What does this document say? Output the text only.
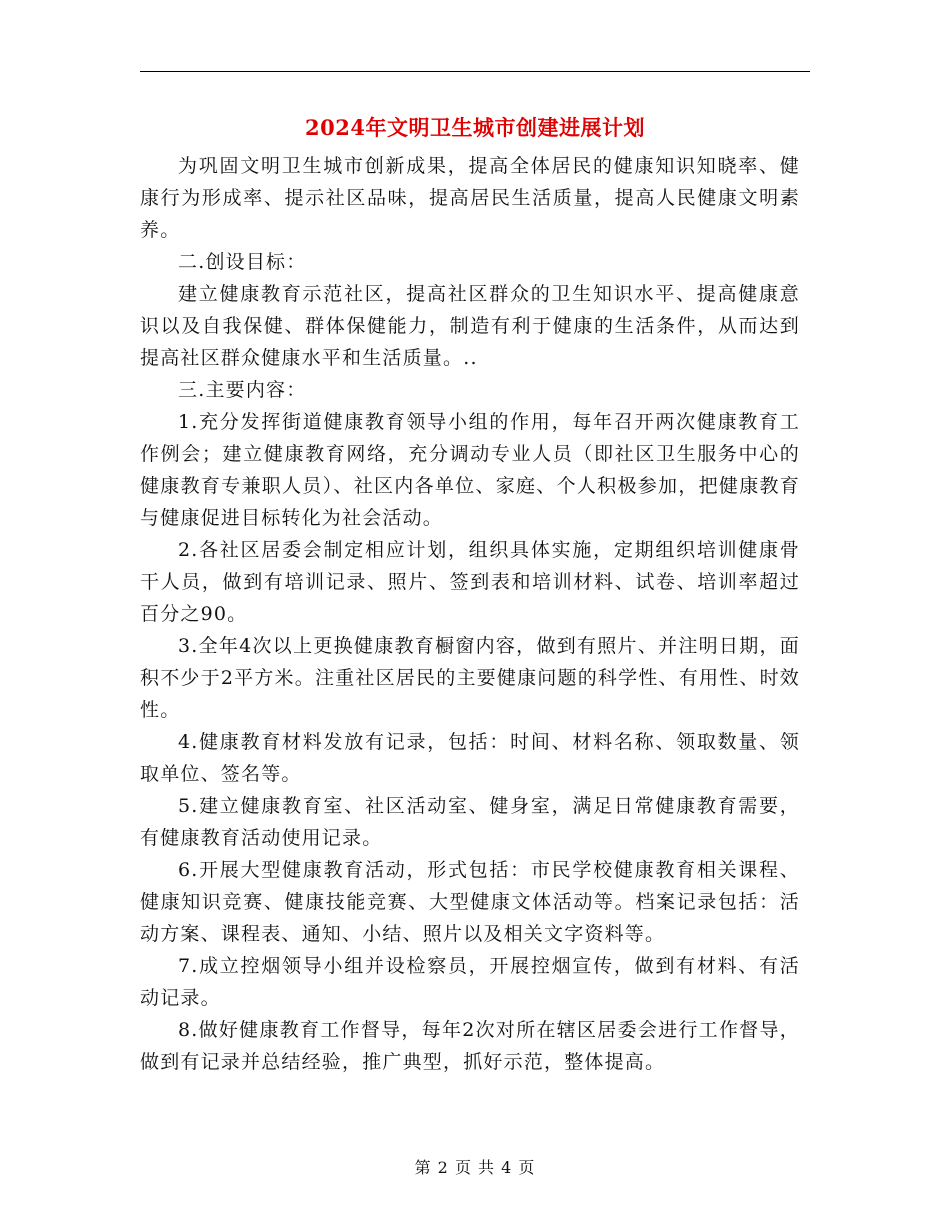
2024年文明卫生城市创建进展计划

为巩固文明卫生城市创新成果，提高全体居民的健康知识知晓率、健康行为形成率、提示社区品味，提高居民生活质量，提高人民健康文明素养。

二.创设目标：

建立健康教育示范社区，提高社区群众的卫生知识水平、提高健康意识以及自我保健、群体保健能力，制造有利于健康的生活条件，从而达到提高社区群众健康水平和生活质量。..

三.主要内容：

1.充分发挥街道健康教育领导小组的作用，每年召开两次健康教育工作例会；建立健康教育网络，充分调动专业人员（即社区卫生服务中心的健康教育专兼职人员）、社区内各单位、家庭、个人积极参加，把健康教育与健康促进目标转化为社会活动。

2.各社区居委会制定相应计划，组织具体实施，定期组织培训健康骨干人员，做到有培训记录、照片、签到表和培训材料、试卷、培训率超过百分之90。

3.全年4次以上更换健康教育橱窗内容，做到有照片、并注明日期，面积不少于2平方米。注重社区居民的主要健康问题的科学性、有用性、时效性。

4.健康教育材料发放有记录，包括：时间、材料名称、领取数量、领取单位、签名等。

5.建立健康教育室、社区活动室、健身室，满足日常健康教育需要，有健康教育活动使用记录。

6.开展大型健康教育活动，形式包括：市民学校健康教育相关课程、健康知识竞赛、健康技能竞赛、大型健康文体活动等。档案记录包括：活动方案、课程表、通知、小结、照片以及相关文字资料等。

7.成立控烟领导小组并设检察员，开展控烟宣传，做到有材料、有活动记录。

8.做好健康教育工作督导，每年2次对所在辖区居委会进行工作督导，做到有记录并总结经验，推广典型，抓好示范，整体提高。

第 2 页 共 4 页
